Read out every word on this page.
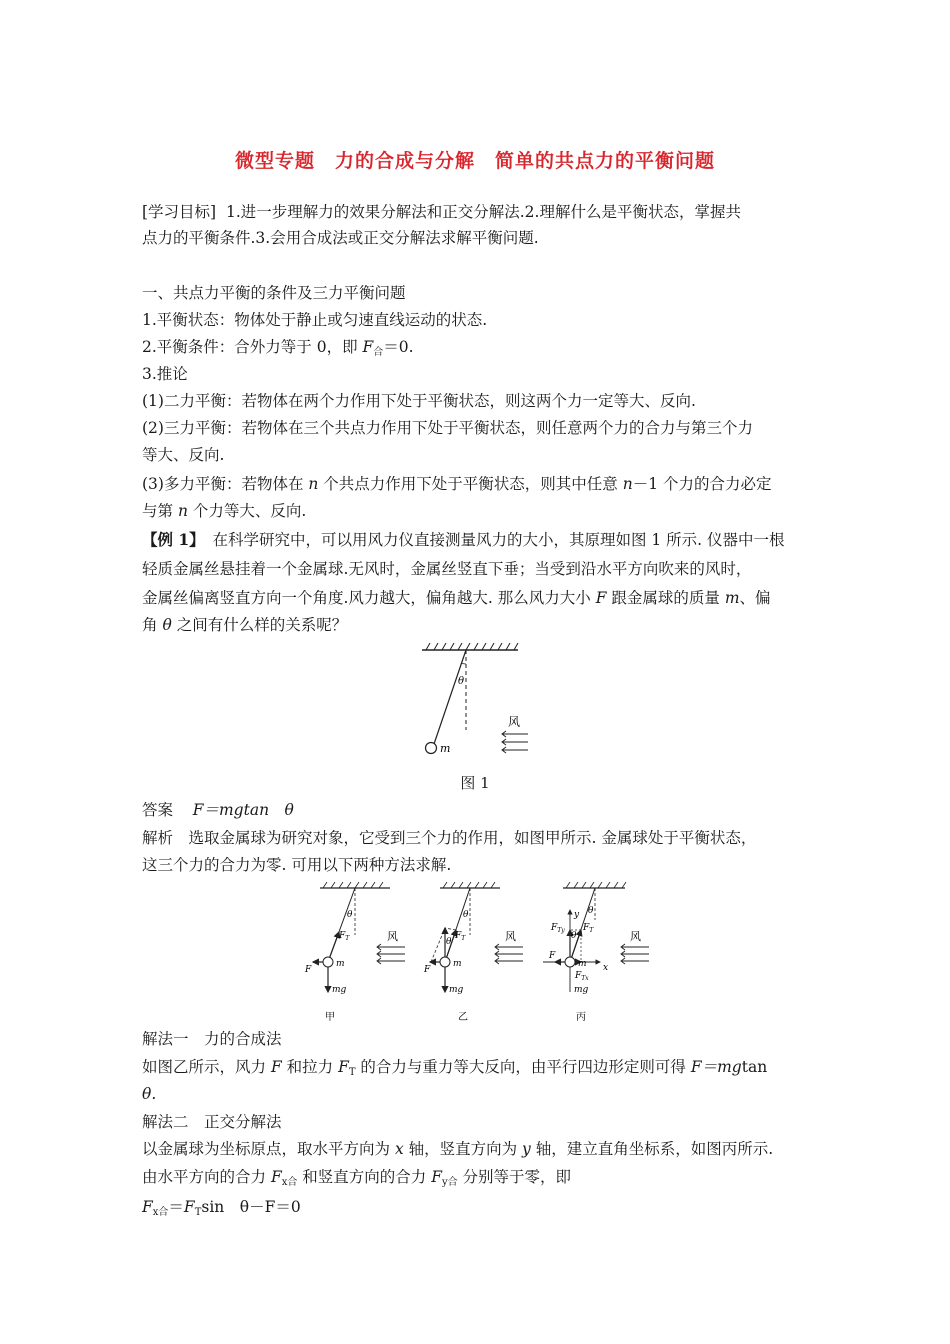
微型专题　力的合成与分解　简单的共点力的平衡问题
[学习目标] 1.进一步理解力的效果分解法和正交分解法.2.理解什么是平衡状态，掌握共
点力的平衡条件.3.会用合成法或正交分解法求解平衡问题.
一、共点力平衡的条件及三力平衡问题
1.平衡状态：物体处于静止或匀速直线运动的状态.
2.平衡条件：合外力等于 0，即 $F_合=0$.
3.推论
(1)二力平衡：若物体在两个力作用下处于平衡状态，则这两个力一定等大、反向.
(2)三力平衡：若物体在三个共点力作用下处于平衡状态，则任意两个力的合力与第三个力
等大、反向.
(3)多力平衡：若物体在 n 个共点力作用下处于平衡状态，则其中任意 n－1 个力的合力必定
与第 n 个力等大、反向.
【例 1】　在科学研究中，可以用风力仪直接测量风力的大小，其原理如图 1 所示. 仪器中一根
轻质金属丝悬挂着一个金属球.无风时，金属丝竖直下垂；当受到沿水平方向吹来的风时，
金属丝偏离竖直方向一个角度.风力越大，偏角越大. 那么风力大小 F 跟金属球的质量 m、偏
角 θ 之间有什么样的关系呢？
θ
m
风
图 1
答案 F＝mgtan　θ
解析　选取金属球为研究对象，它受到三个力的作用，如图甲所示. 金属球处于平衡状态，
这三个力的合力为零. 可用以下两种方法求解.
θ
$F_T$
F
m
mg
风
甲
θ
θ
$F_T$
F
m
mg
风
乙
y
x
θ
θ
$F_T$
$F_{Ty}$
$F_{Tx}$
F
m
mg
风
丙
解法一　力的合成法
如图乙所示，风力 F 和拉力 $F_T$ 的合力与重力等大反向，由平行四边形定则可得 F＝mgtan
θ.
解法二　正交分解法
以金属球为坐标原点，取水平方向为 x 轴，竖直方向为 y 轴，建立直角坐标系，如图丙所示.
由水平方向的合力 $F_{x合}$ 和竖直方向的合力 $F_{y合}$ 分别等于零，即
$F_{x合}=F_T\sin$　θ－F＝0
